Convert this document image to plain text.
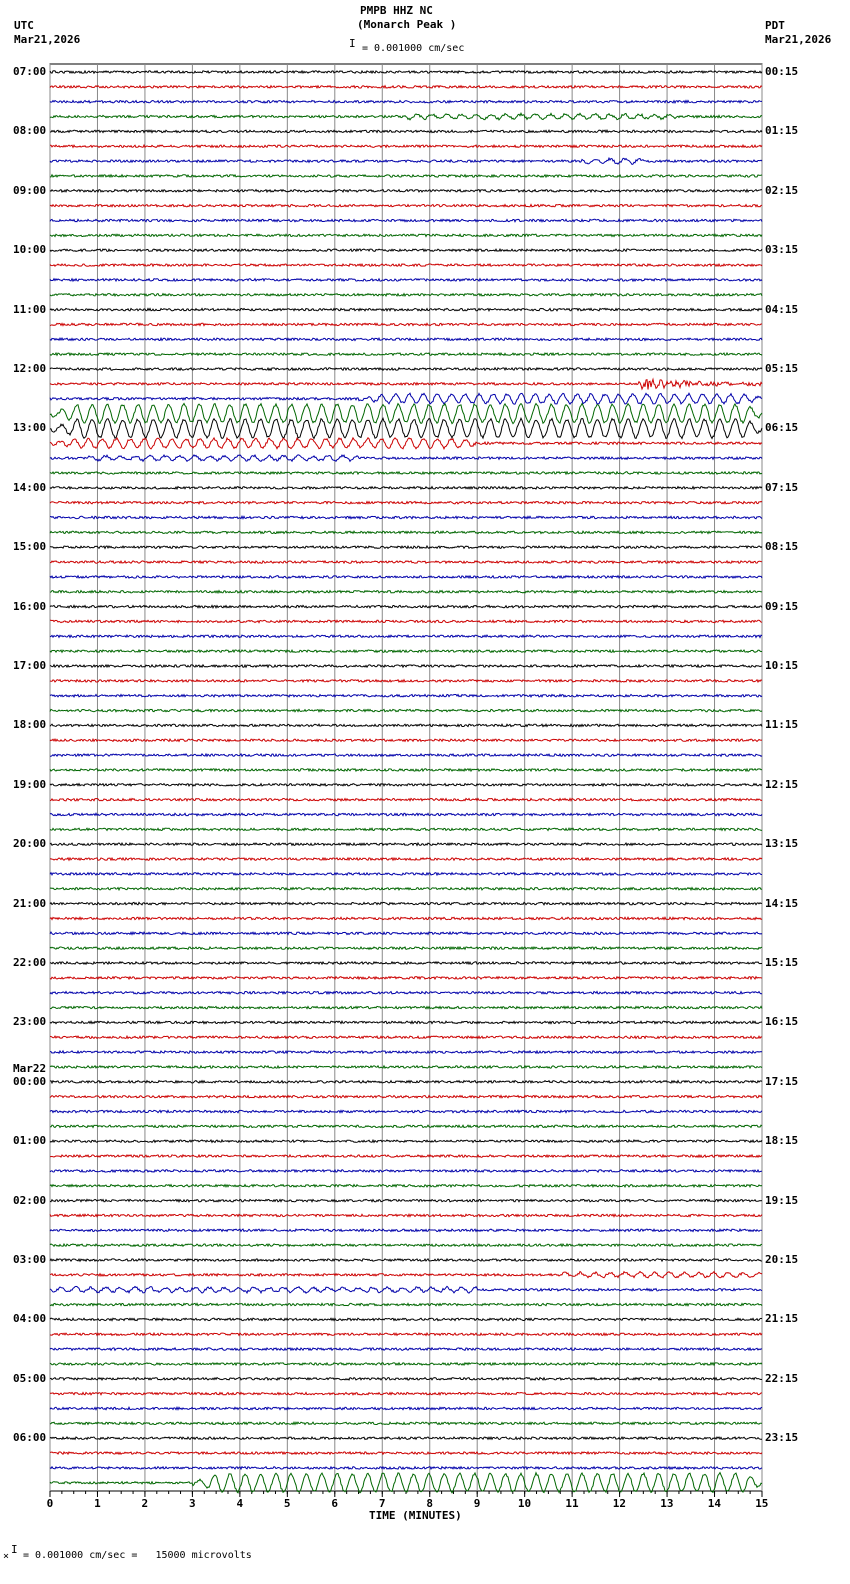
PMPB HHZ NC
(Monarch Peak )
I = 0.001000 cm/sec
UTC
Mar21,2026
PDT
Mar21,2026
07:00
08:00
09:00
10:00
11:00
12:00
13:00
14:00
15:00
16:00
17:00
18:00
19:00
20:00
21:00
22:00
23:00
00:00
Mar22
01:00
02:00
03:00
04:00
05:00
06:00
00:15
01:15
02:15
03:15
04:15
05:15
06:15
07:15
08:15
09:15
10:15
11:15
12:15
13:15
14:15
15:15
16:15
17:15
18:15
19:15
20:15
21:15
22:15
23:15
0	1	2	3	4	5	6	7	8	9	10	11	12	13	14	15
TIME (MINUTES)
×
I = 0.001000 cm/sec =   15000 microvolts
